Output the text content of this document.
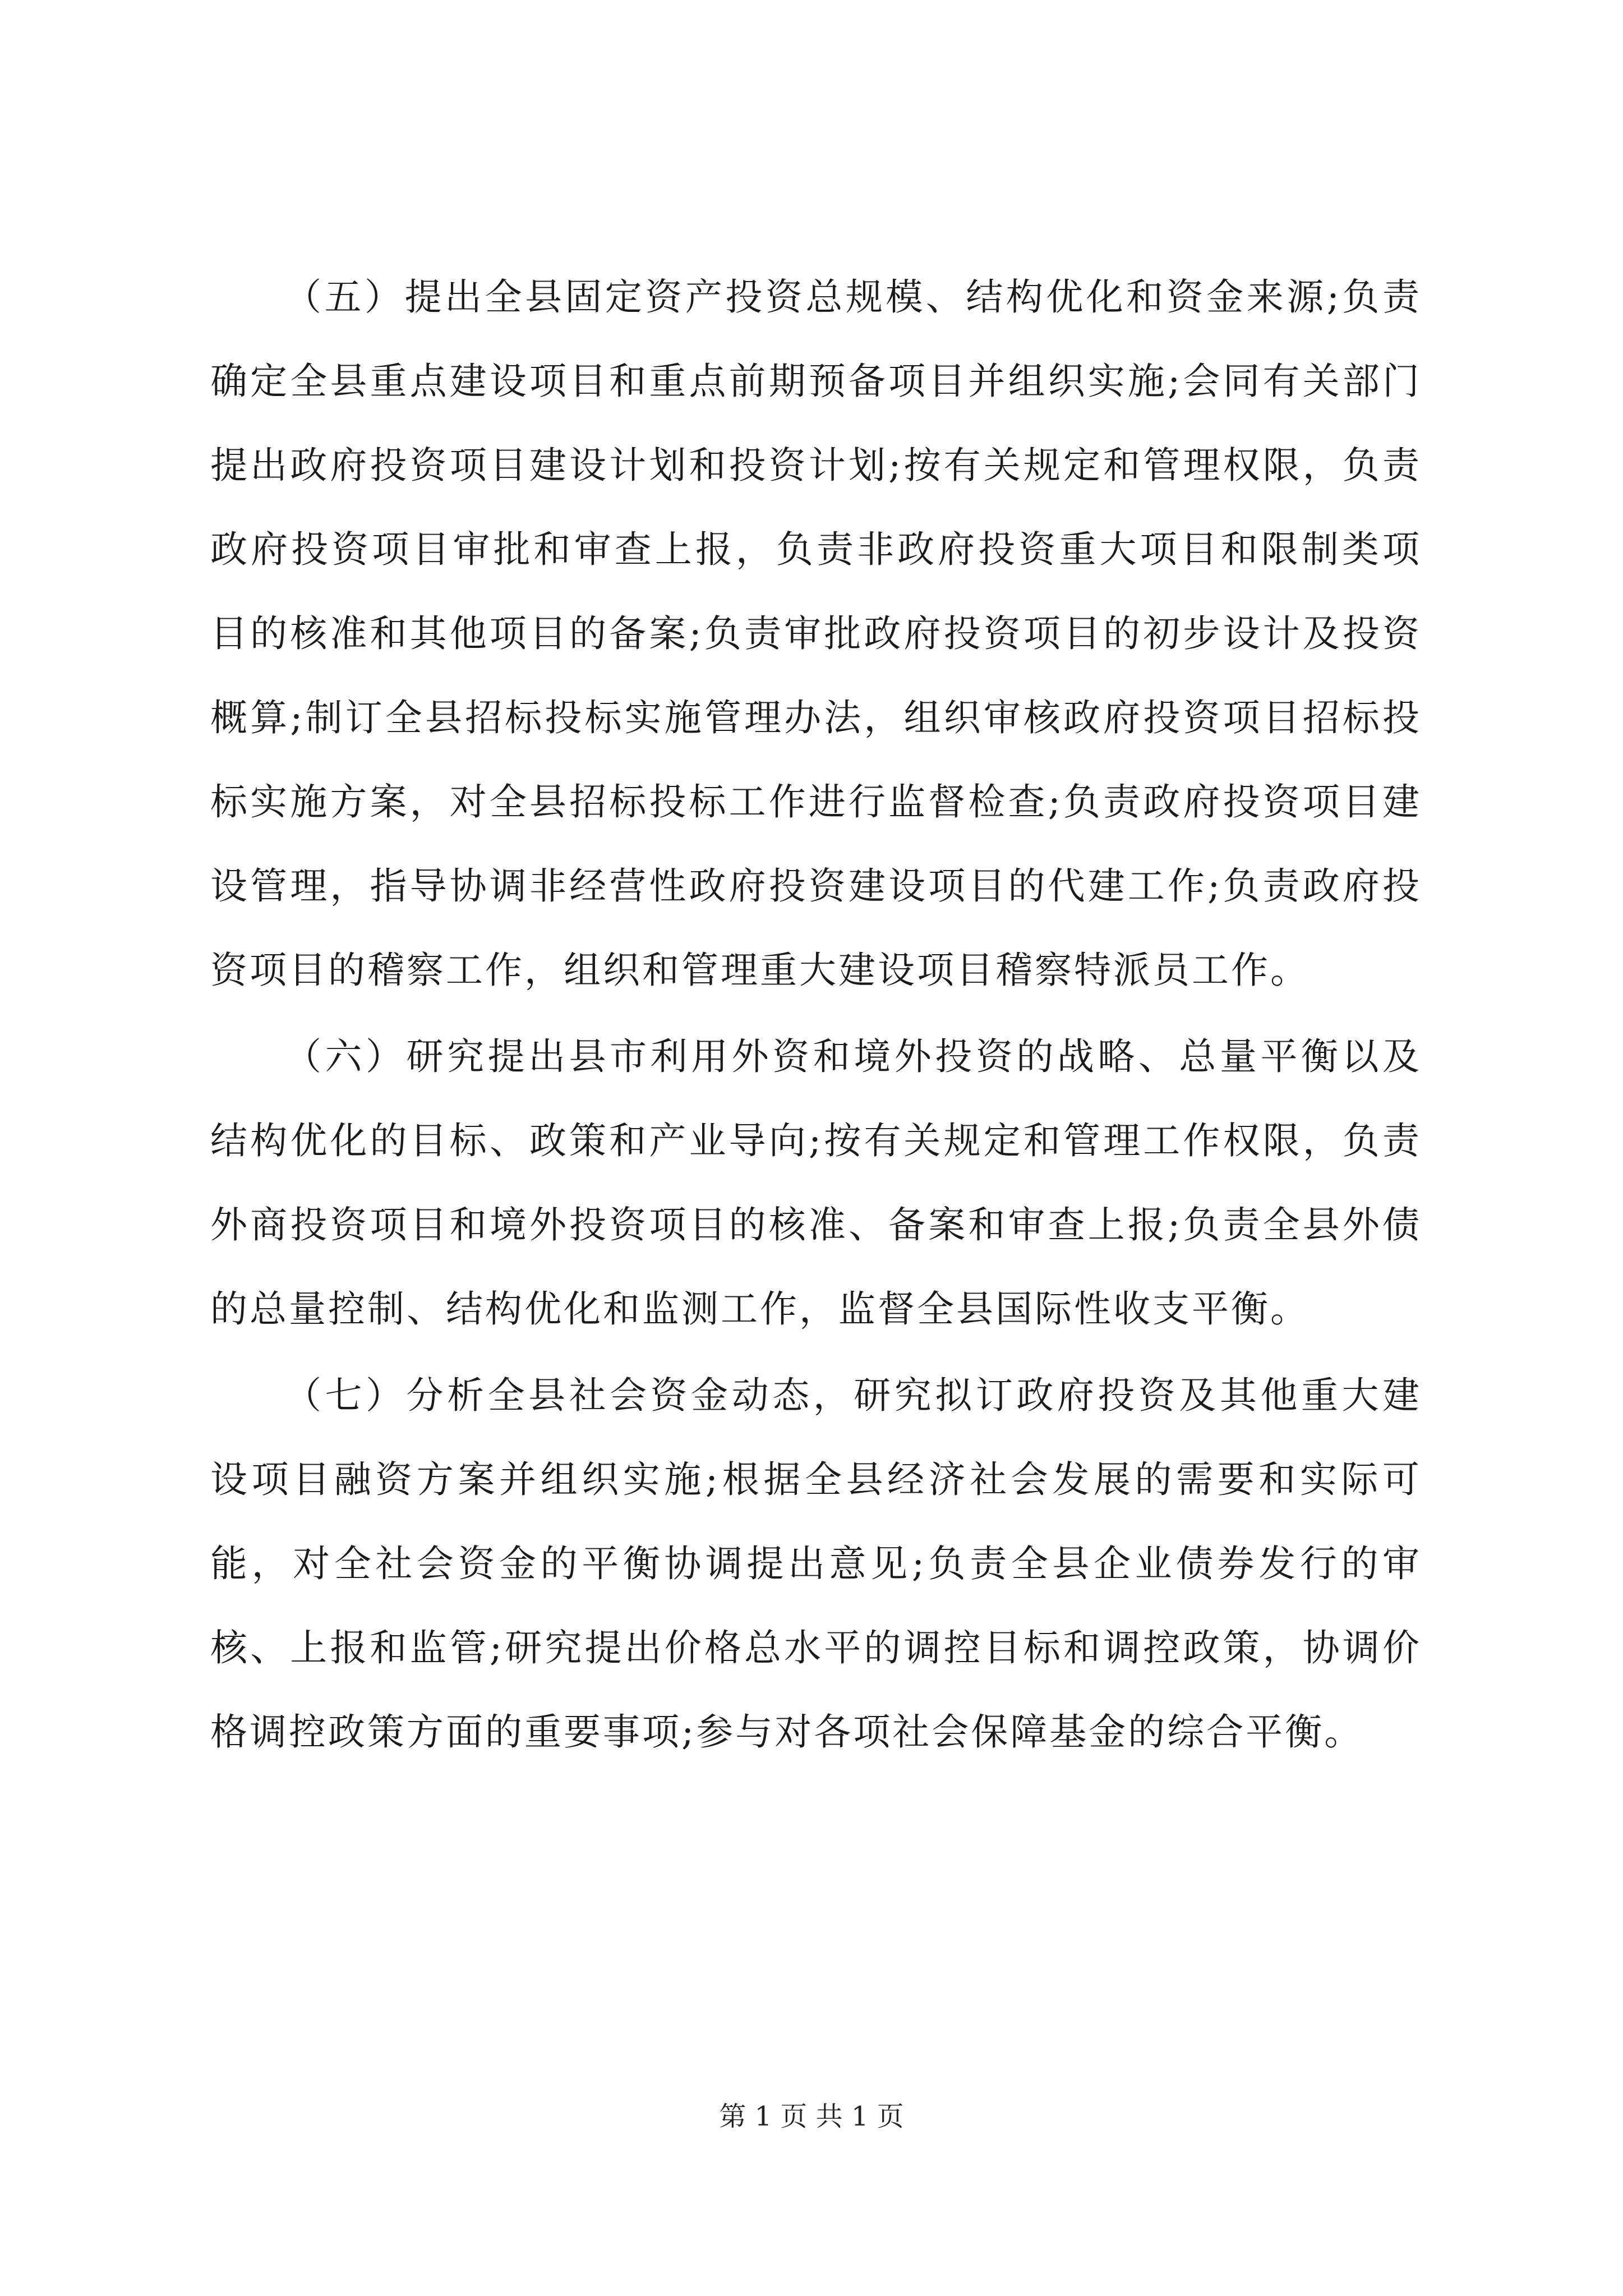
（五）提出全县固定资产投资总规模、结构优化和资金来源;负责确定全县重点建设项目和重点前期预备项目并组织实施;会同有关部门提出政府投资项目建设计划和投资计划;按有关规定和管理权限，负责政府投资项目审批和审查上报，负责非政府投资重大项目和限制类项目的核准和其他项目的备案;负责审批政府投资项目的初步设计及投资概算;制订全县招标投标实施管理办法，组织审核政府投资项目招标投标实施方案，对全县招标投标工作进行监督检查;负责政府投资项目建设管理，指导协调非经营性政府投资建设项目的代建工作;负责政府投资项目的稽察工作，组织和管理重大建设项目稽察特派员工作。

（六）研究提出县市利用外资和境外投资的战略、总量平衡以及结构优化的目标、政策和产业导向;按有关规定和管理工作权限，负责外商投资项目和境外投资项目的核准、备案和审查上报;负责全县外债的总量控制、结构优化和监测工作，监督全县国际性收支平衡。

（七）分析全县社会资金动态，研究拟订政府投资及其他重大建设项目融资方案并组织实施;根据全县经济社会发展的需要和实际可能，对全社会资金的平衡协调提出意见;负责全县企业债券发行的审核、上报和监管;研究提出价格总水平的调控目标和调控政策，协调价格调控政策方面的重要事项;参与对各项社会保障基金的综合平衡。

第 1 页 共 1 页
